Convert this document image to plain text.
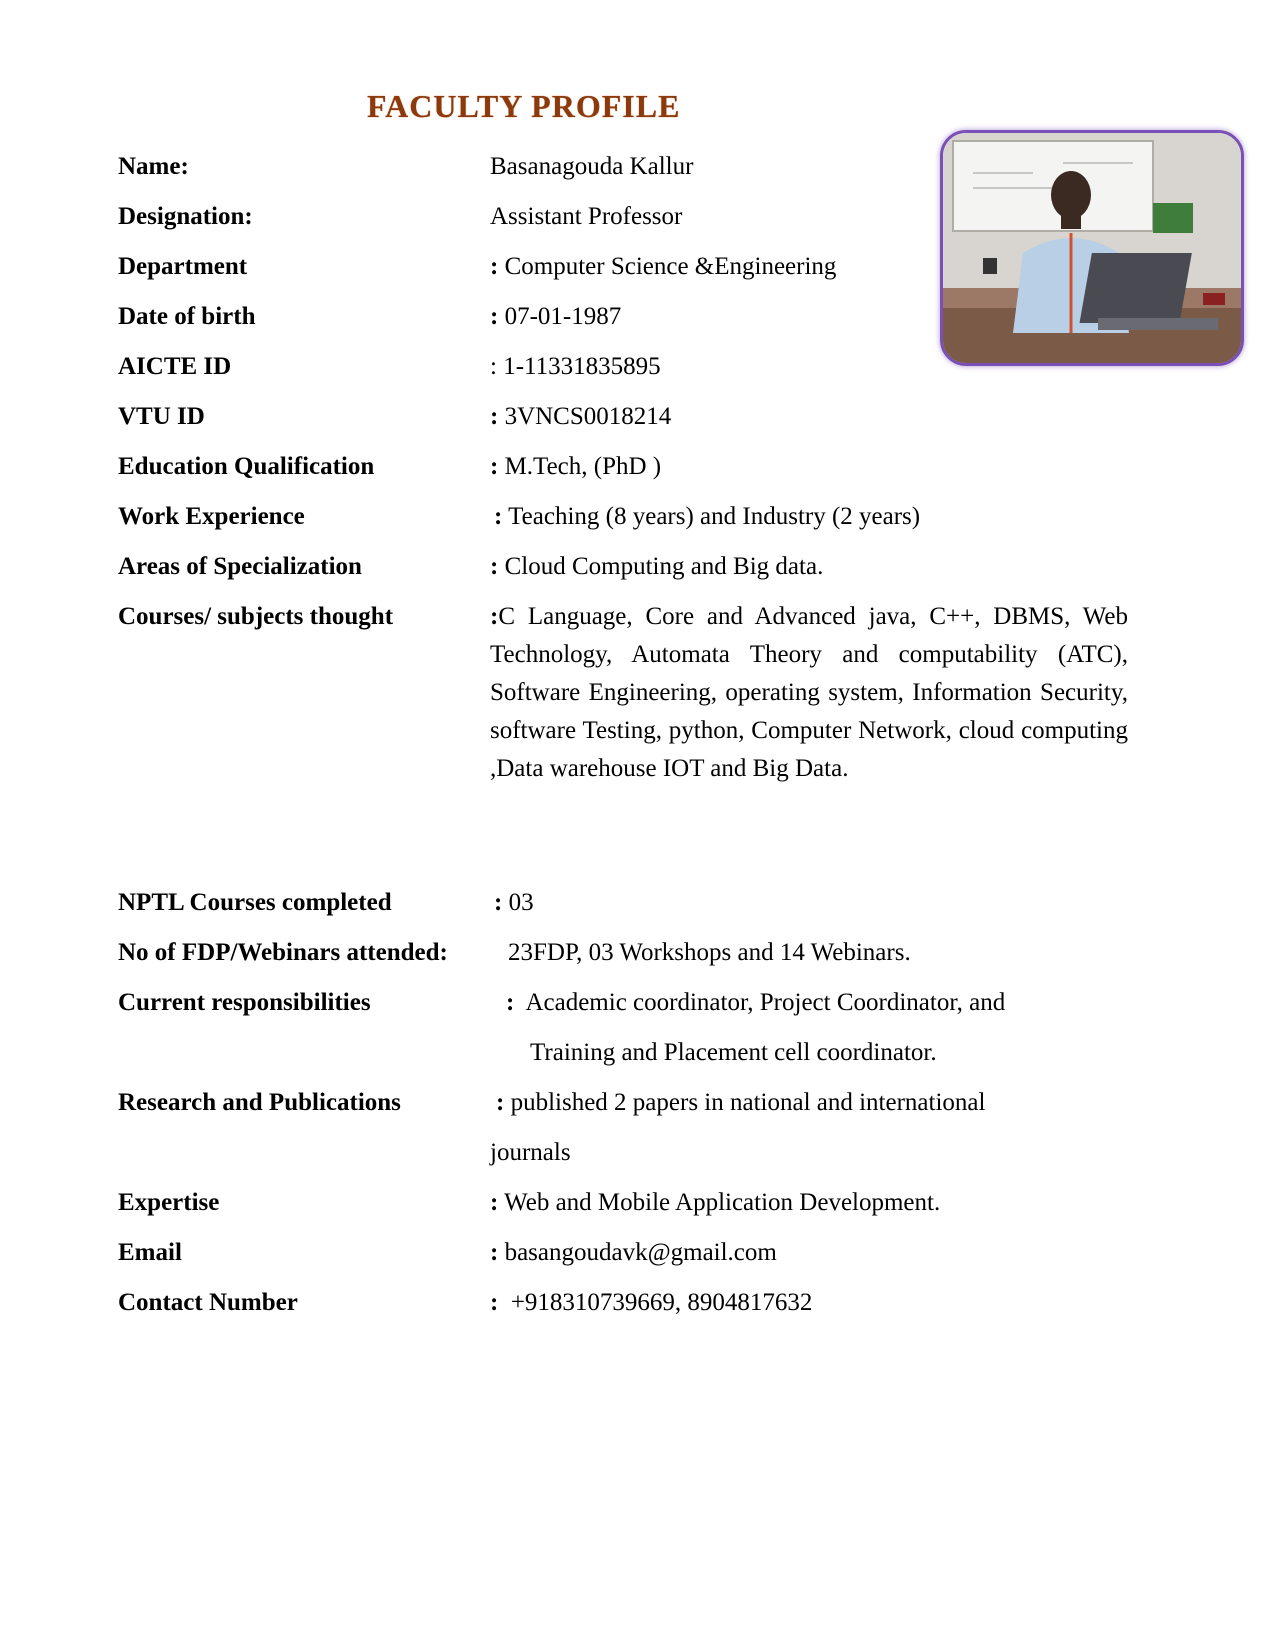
FACULTY PROFILE
Name:	Basanagouda Kallur
Designation:	Assistant Professor
Department	: Computer Science &Engineering
Date of birth	: 07-01-1987
AICTE ID	: 1-11331835895
VTU ID	: 3VNCS0018214
Education Qualification	: M.Tech, (PhD )
Work Experience	: Teaching (8 years) and Industry (2 years)
Areas of Specialization	: Cloud Computing and Big data.
Courses/ subjects thought	:C Language, Core and Advanced java, C++, DBMS, Web Technology, Automata Theory and computability (ATC), Software Engineering, operating system, Information Security, software Testing, python, Computer Network, cloud computing ,Data warehouse IOT and Big Data.
NPTL Courses completed	: 03
No of FDP/Webinars attended: 23FDP, 03 Workshops and 14 Webinars.
Current responsibilities	: Academic coordinator, Project Coordinator, and
Training and Placement cell coordinator.
Research and Publications	: published 2 papers in national and international
journals
Expertise	: Web and Mobile Application Development.
Email	: basangoudavk@gmail.com
Contact Number	: +918310739669, 8904817632
